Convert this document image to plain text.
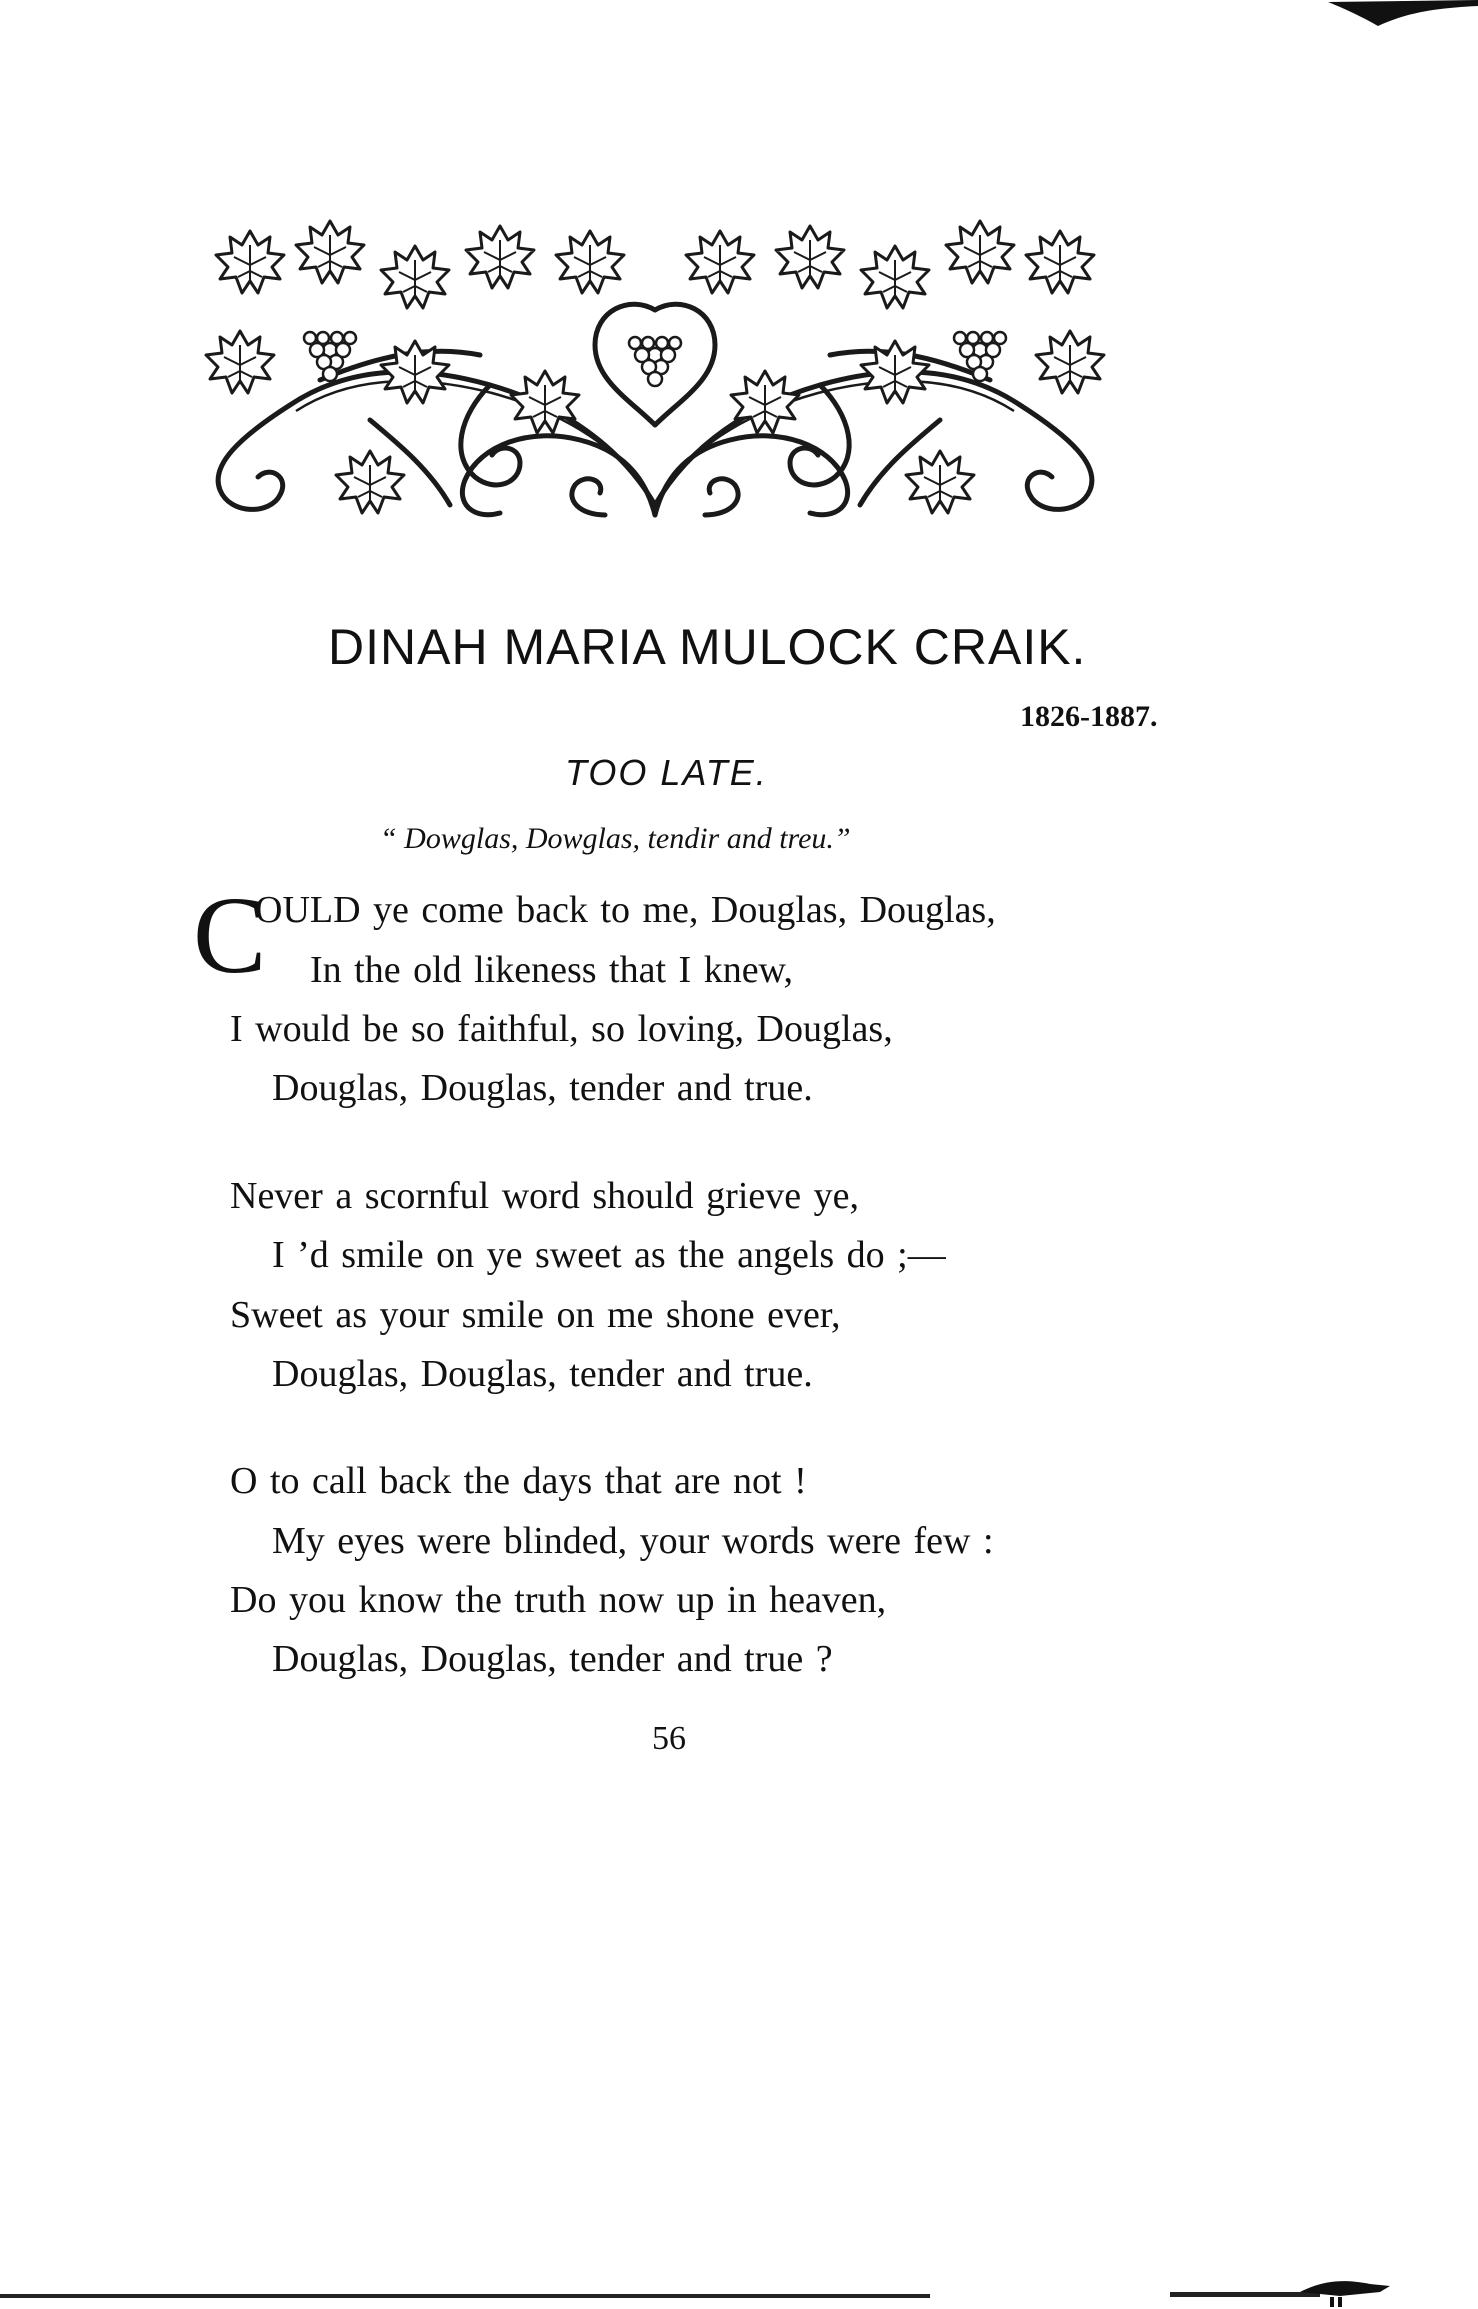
DINAH MARIA MULOCK CRAIK.
1826-1887.
TOO LATE.
“ Dowglas, Dowglas, tendir and treu.”
C
OULD ye come back to me, Douglas, Douglas,
In the old likeness that I knew,
I would be so faithful, so loving, Douglas,
Douglas, Douglas, tender and true.
Never a scornful word should grieve ye,
I ’d smile on ye sweet as the angels do ;—
Sweet as your smile on me shone ever,
Douglas, Douglas, tender and true.
O to call back the days that are not !
My eyes were blinded, your words were few :
Do you know the truth now up in heaven,
Douglas, Douglas, tender and true ?
56
